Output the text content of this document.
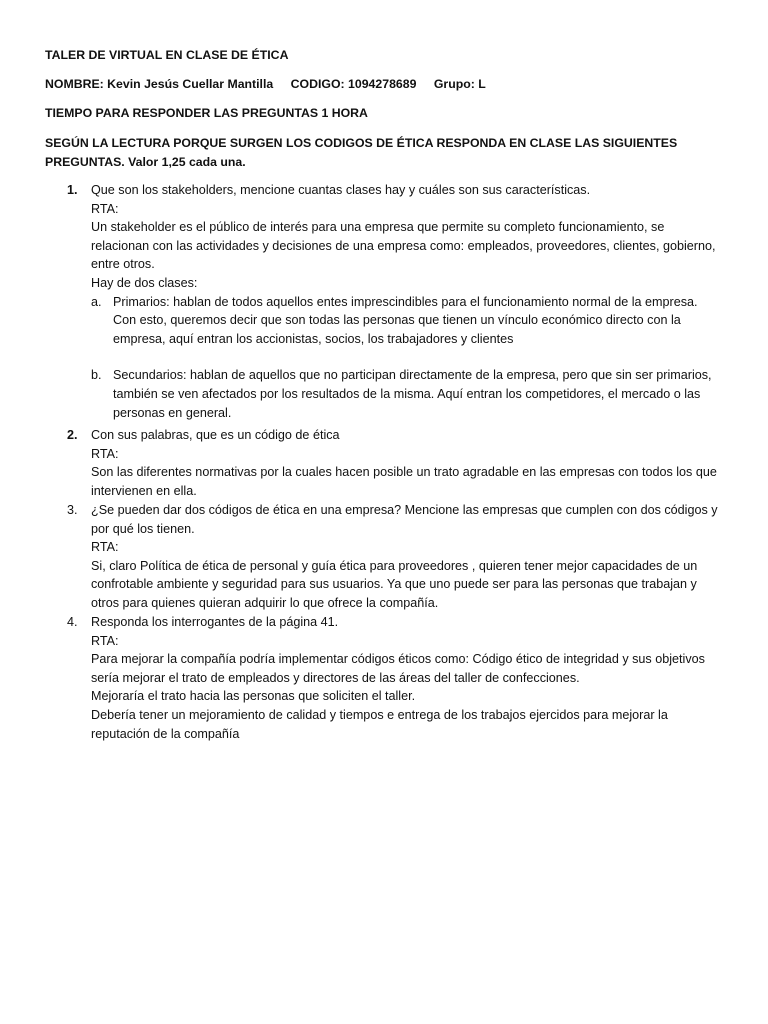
TALER DE VIRTUAL EN CLASE DE ÉTICA
NOMBRE: Kevin Jesús Cuellar Mantilla CODIGO: 1094278689 Grupo: L
TIEMPO PARA RESPONDER LAS PREGUNTAS 1 HORA
SEGÚN LA LECTURA PORQUE SURGEN LOS CODIGOS DE ÉTICA RESPONDA EN CLASE LAS SIGUIENTES PREGUNTAS. Valor 1,25 cada una.
1.	Que son los stakeholders, mencione cuantas clases hay y cuáles son sus características.
RTA:
Un stakeholder es el público de interés para una empresa que permite su completo funcionamiento, se relacionan con las actividades y decisiones de una empresa como: empleados, proveedores, clientes, gobierno, entre otros.
Hay de dos clases:
a. Primarios: hablan de todos aquellos entes imprescindibles para el funcionamiento normal de la empresa. Con esto, queremos decir que son todas las personas que tienen un vínculo económico directo con la empresa, aquí entran los accionistas, socios, los trabajadores y clientes
b. Secundarios: hablan de aquellos que no participan directamente de la empresa, pero que sin ser primarios, también se ven afectados por los resultados de la misma. Aquí entran los competidores, el mercado o las personas en general.
2.	Con sus palabras, que es un código de ética
RTA:
Son las diferentes normativas por la cuales hacen posible un trato agradable en las empresas con todos los que intervienen en ella.
3.	¿Se pueden dar dos códigos de ética en una empresa? Mencione las empresas que cumplen con dos códigos y por qué los tienen.
RTA:
Si, claro Política de ética de personal y guía ética para proveedores , quieren tener mejor capacidades de un confrotable ambiente y seguridad para sus usuarios. Ya que uno puede ser para las personas que trabajan y otros para quienes quieran adquirir lo que ofrece la compañía.
4.	Responda los interrogantes de la página 41.
RTA:
Para mejorar la compañía podría implementar códigos éticos como: Código ético de integridad y sus objetivos sería mejorar el trato de empleados y directores de las áreas del taller de confecciones.
Mejoraría el trato hacia las personas que soliciten el taller.
Debería tener un mejoramiento de calidad y tiempos e entrega de los trabajos ejercidos para mejorar la reputación de la compañía
